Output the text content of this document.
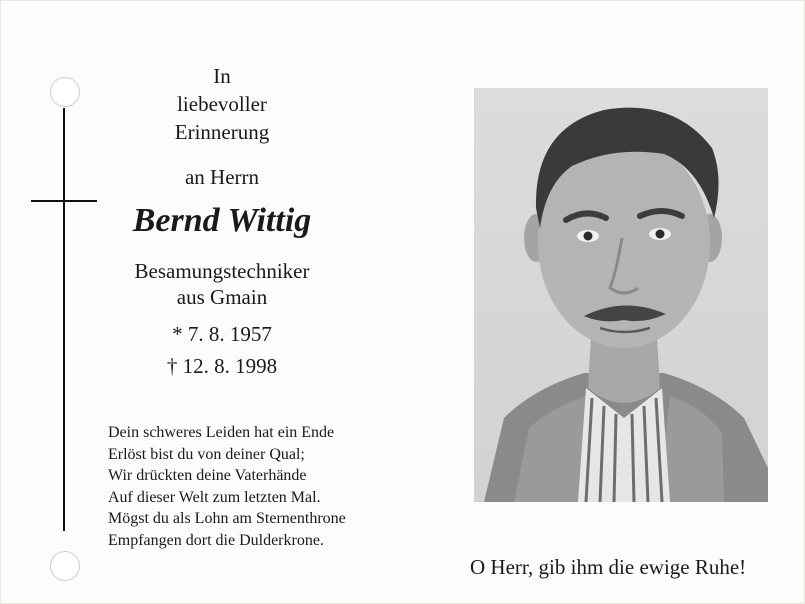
In
liebevoller
Erinnerung
an Herrn
Bernd Wittig
Besamungstechniker
aus Gmain
* 7. 8. 1957
† 12. 8. 1998
Dein schweres Leiden hat ein Ende
Erlöst bist du von deiner Qual;
Wir drückten deine Vaterhände
Auf dieser Welt zum letzten Mal.
Mögst du als Lohn am Sternenthrone
Empfangen dort die Dulderkrone.
O Herr, gib ihm die ewige Ruhe!
